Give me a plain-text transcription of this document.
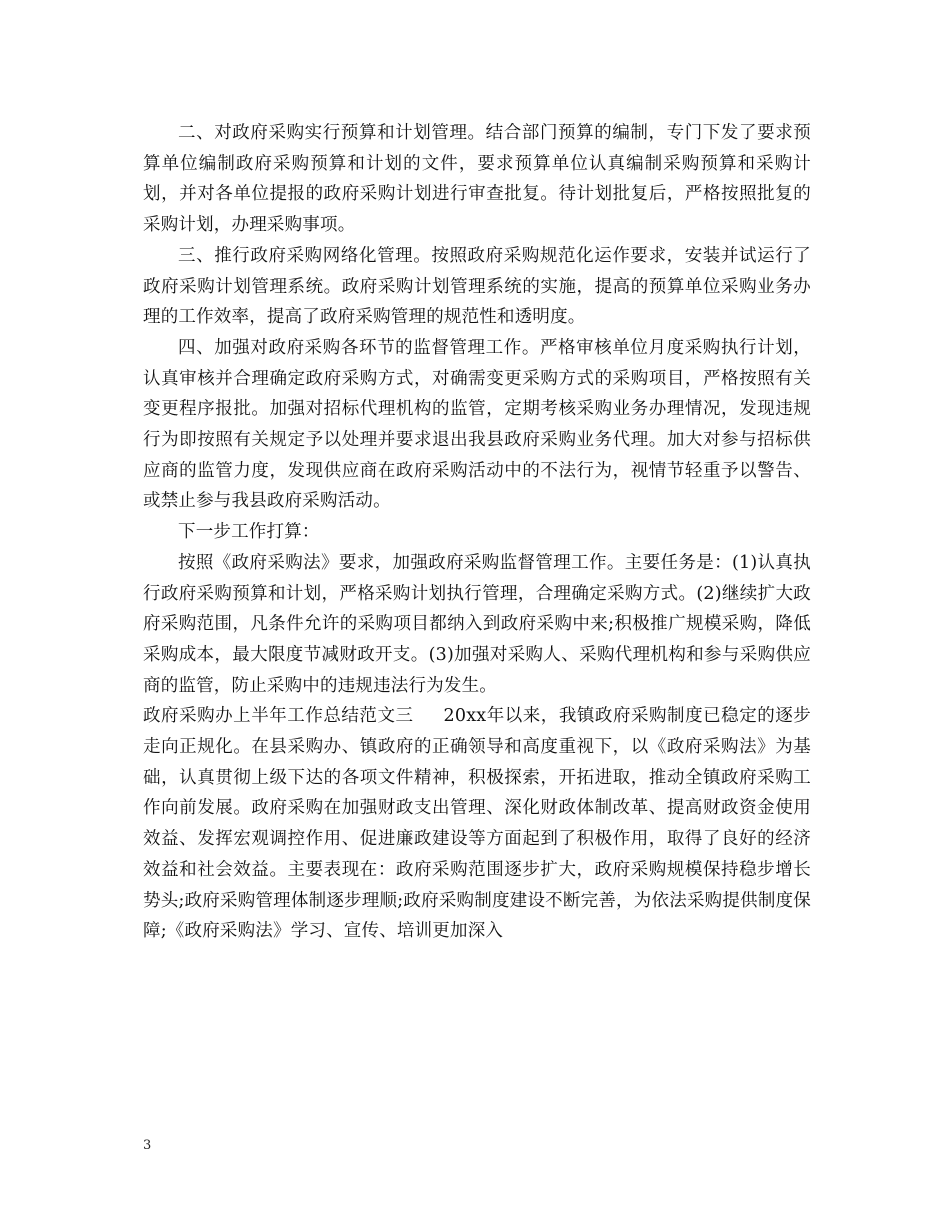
二、对政府采购实行预算和计划管理。结合部门预算的编制，专门下发了要求预算单位编制政府采购预算和计划的文件，要求预算单位认真编制采购预算和采购计划，并对各单位提报的政府采购计划进行审查批复。待计划批复后，严格按照批复的采购计划，办理采购事项。

三、推行政府采购网络化管理。按照政府采购规范化运作要求，安装并试运行了政府采购计划管理系统。政府采购计划管理系统的实施，提高的预算单位采购业务办理的工作效率，提高了政府采购管理的规范性和透明度。

四、加强对政府采购各环节的监督管理工作。严格审核单位月度采购执行计划，认真审核并合理确定政府采购方式，对确需变更采购方式的采购项目，严格按照有关变更程序报批。加强对招标代理机构的监管，定期考核采购业务办理情况，发现违规行为即按照有关规定予以处理并要求退出我县政府采购业务代理。加大对参与招标供应商的监管力度，发现供应商在政府采购活动中的不法行为，视情节轻重予以警告、或禁止参与我县政府采购活动。

下一步工作打算：

按照《政府采购法》要求，加强政府采购监督管理工作。主要任务是：(1)认真执行政府采购预算和计划，严格采购计划执行管理，合理确定采购方式。(2)继续扩大政府采购范围，凡条件允许的采购项目都纳入到政府采购中来;积极推广规模采购，降低采购成本，最大限度节减财政开支。(3)加强对采购人、采购代理机构和参与采购供应商的监管，防止采购中的违规违法行为发生。

政府采购办上半年工作总结范文三 20xx年以来，我镇政府采购制度已稳定的逐步走向正规化。在县采购办、镇政府的正确领导和高度重视下，以《政府采购法》为基础，认真贯彻上级下达的各项文件精神，积极探索，开拓进取，推动全镇政府采购工作向前发展。政府采购在加强财政支出管理、深化财政体制改革、提高财政资金使用效益、发挥宏观调控作用、促进廉政建设等方面起到了积极作用，取得了良好的经济效益和社会效益。主要表现在：政府采购范围逐步扩大，政府采购规模保持稳步增长势头;政府采购管理体制逐步理顺;政府采购制度建设不断完善，为依法采购提供制度保障;《政府采购法》学习、宣传、培训更加深入

3
